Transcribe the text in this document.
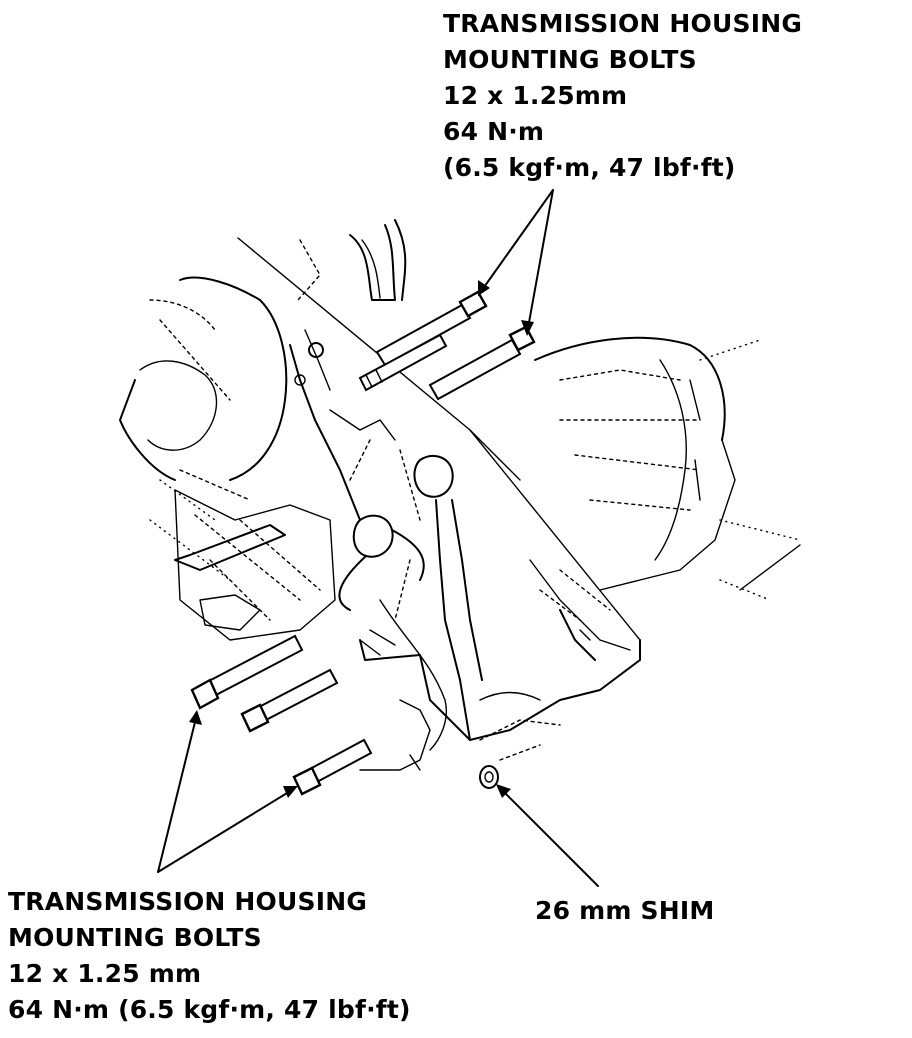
TRANSMISSION HOUSING
MOUNTING BOLTS
12 x 1.25mm
64 N·m
(6.5 kgf·m, 47 lbf·ft)
TRANSMISSION HOUSING
MOUNTING BOLTS
12 x 1.25 mm
64 N·m (6.5 kgf·m, 47 lbf·ft)
26 mm SHIM
